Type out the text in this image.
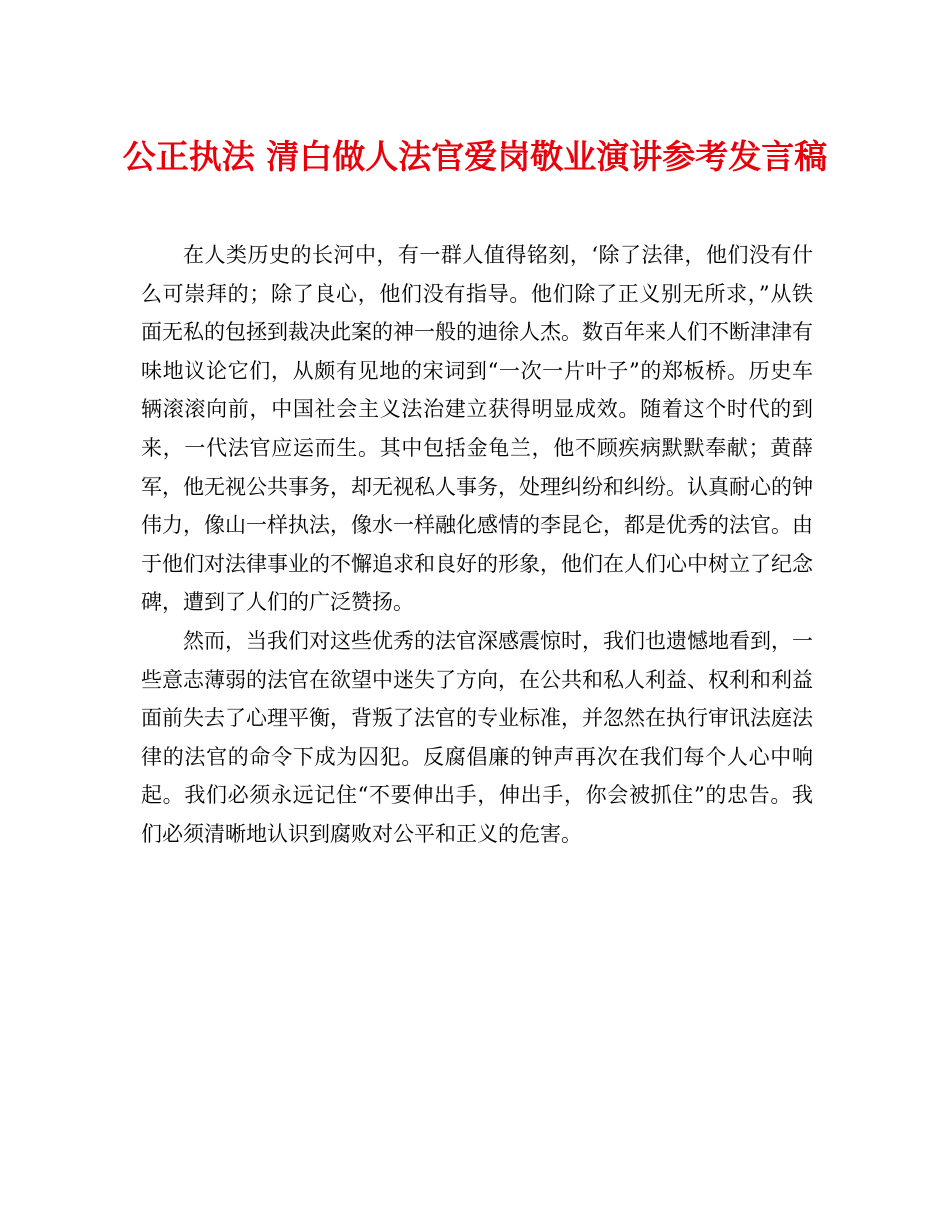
公正执法 清白做人法官爱岗敬业演讲参考发言稿

在人类历史的长河中，有一群人值得铭刻，‘除了法律，他们没有什么可崇拜的；除了良心，他们没有指导。他们除了正义别无所求，”从铁面无私的包拯到裁决此案的神一般的迪徐人杰。数百年来人们不断津津有味地议论它们，从颇有见地的宋词到“一次一片叶子”的郑板桥。历史车辆滚滚向前，中国社会主义法治建立获得明显成效。随着这个时代的到来，一代法官应运而生。其中包括金龟兰，他不顾疾病默默奉献；黄薛军，他无视公共事务，却无视私人事务，处理纠纷和纠纷。认真耐心的钟伟力，像山一样执法，像水一样融化感情的李昆仑，都是优秀的法官。由于他们对法律事业的不懈追求和良好的形象，他们在人们心中树立了纪念碑，遭到了人们的广泛赞扬。

然而，当我们对这些优秀的法官深感震惊时，我们也遗憾地看到，一些意志薄弱的法官在欲望中迷失了方向，在公共和私人利益、权利和利益面前失去了心理平衡，背叛了法官的专业标准，并忽然在执行审讯法庭法律的法官的命令下成为囚犯。反腐倡廉的钟声再次在我们每个人心中响起。我们必须永远记住“不要伸出手，伸出手，你会被抓住”的忠告。我们必须清晰地认识到腐败对公平和正义的危害。
